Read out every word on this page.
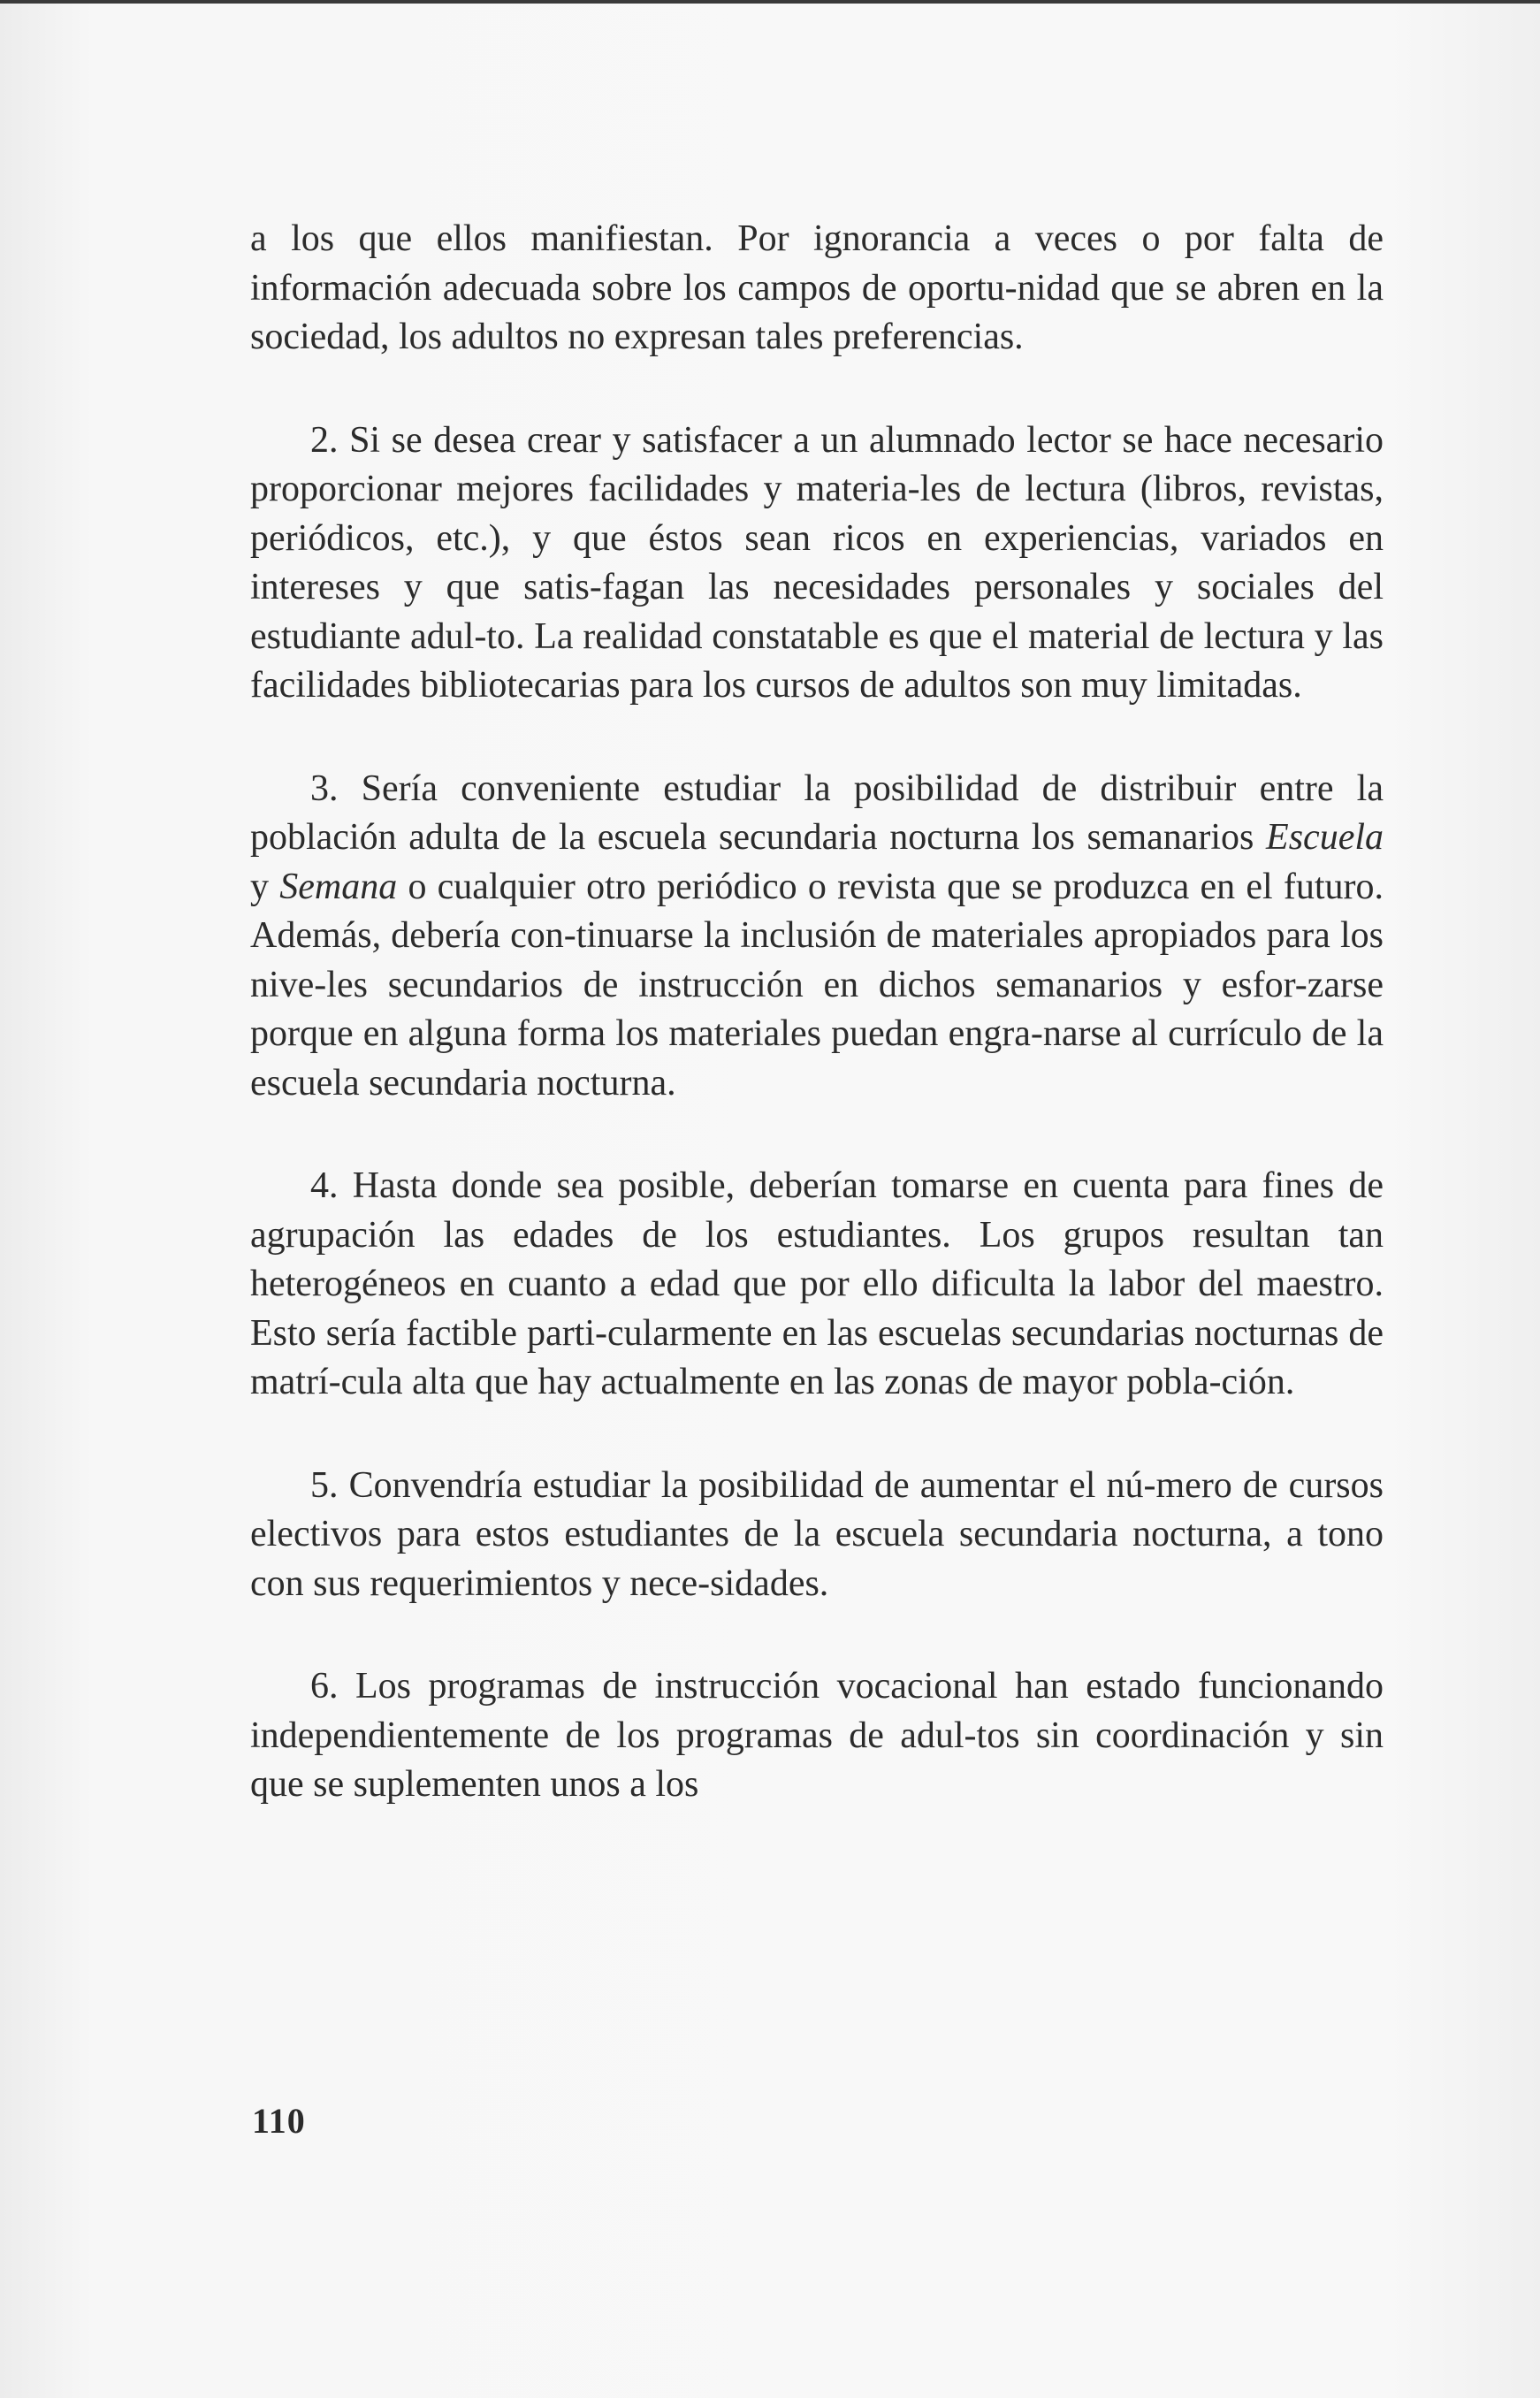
a los que ellos manifiestan. Por ignorancia a veces o por falta de información adecuada sobre los campos de oportu-nidad que se abren en la sociedad, los adultos no expresan tales preferencias.

2. Si se desea crear y satisfacer a un alumnado lector se hace necesario proporcionar mejores facilidades y materia-les de lectura (libros, revistas, periódicos, etc.), y que éstos sean ricos en experiencias, variados en intereses y que satis-fagan las necesidades personales y sociales del estudiante adul-to. La realidad constatable es que el material de lectura y las facilidades bibliotecarias para los cursos de adultos son muy limitadas.

3. Sería conveniente estudiar la posibilidad de distribuir entre la población adulta de la escuela secundaria nocturna los semanarios Escuela y Semana o cualquier otro periódico o revista que se produzca en el futuro. Además, debería con-tinuarse la inclusión de materiales apropiados para los nive-les secundarios de instrucción en dichos semanarios y esfor-zarse porque en alguna forma los materiales puedan engra-narse al currículo de la escuela secundaria nocturna.

4. Hasta donde sea posible, deberían tomarse en cuenta para fines de agrupación las edades de los estudiantes. Los grupos resultan tan heterogéneos en cuanto a edad que por ello dificulta la labor del maestro. Esto sería factible parti-cularmente en las escuelas secundarias nocturnas de matrí-cula alta que hay actualmente en las zonas de mayor pobla-ción.

5. Convendría estudiar la posibilidad de aumentar el nú-mero de cursos electivos para estos estudiantes de la escuela secundaria nocturna, a tono con sus requerimientos y nece-sidades.

6. Los programas de instrucción vocacional han estado funcionando independientemente de los programas de adul-tos sin coordinación y sin que se suplementen unos a los

110
